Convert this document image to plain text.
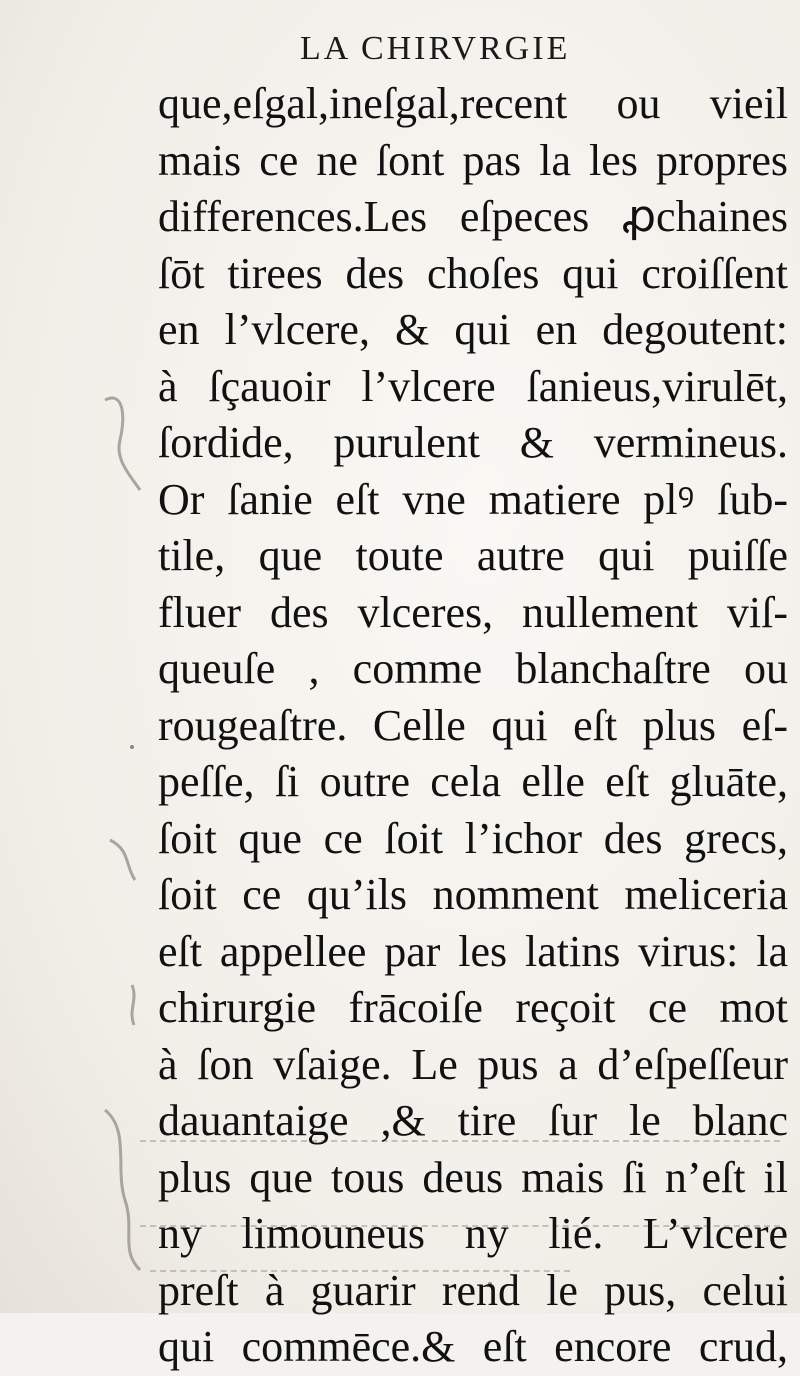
LA CHIRVRGIE
que,eſgal,ineſgal,recent ou vieil
mais ce ne ſont pas la les propres
differences.Les eſpeces ꝓchaines
ſōt tirees des choſes qui croiſſent
en l’vlcere, & qui en degoutent:
à ſçauoir l’vlcere ſanieus,virulēt,
ſordide, purulent & vermineus.
Or ſanie eſt vne matiere plꝰ ſub-
tile, que toute autre qui puiſſe
fluer des vlceres, nullement viſ-
queuſe , comme blanchaſtre ou
rougeaſtre. Celle qui eſt plus eſ-
peſſe, ſi outre cela elle eſt gluāte,
ſoit que ce ſoit l’ichor des grecs,
ſoit ce qu’ils nomment meliceria
eſt appellee par les latins virus: la
chirurgie frācoiſe reçoit ce mot
à ſon vſaige. Le pus a d’eſpeſſeur
dauantaige ,& tire ſur le blanc
plus que tous deus mais ſi n’eſt il
ny limouneus ny lié. L’vlcere
preſt à guarir rend le pus, celui
qui commēce.& eſt encore crud,
